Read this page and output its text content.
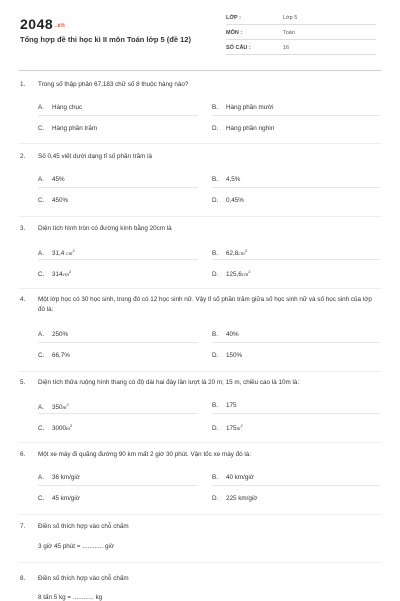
2048 .vn
Tổng hợp đề thi học kì II môn Toán lớp 5 (đề 12)
LỚP :	Lớp 5
MÔN :	Toán
SỐ CÂU :	16
1.	Trong số thập phân 67,183 chữ số 8 thuộc hàng nào?
A. Hàng chục	B. Hàng phần mười
C. Hàng phần trăm	D. Hàng phần nghìn
2.	Số 0,45 viết dưới dạng tỉ số phần trăm là
A. 45%	B. 4,5%
C. 450%	D. 0,45%
3.	Diện tích hình tròn có đường kính bằng 20cm là
A. 31,4 $cm^2$	B. $62,8cm^2$
C. $314cm^2$	D. $125,6cm^2$
4.	Một lớp học có 30 học sinh, trong đó có 12 học sinh nữ. Vậy tỉ số phần trăm giữa số học sinh nữ và số học sinh của lớp đó là:
A. 250%	B. 40%
C. 66,7%	D. 150%
5.	Diện tích thửa ruộng hình thang có độ dài hai đáy lần lượt là 20 m; 15 m, chiều cao là 10m là:
A. $350m^2$	B. 175
C. $3000m^2$	D. $175m^2$
6.	Một xe máy đi quãng đường 90 km mất 2 giờ 30 phút. Vận tốc xe máy đó là:
A. 36 km/giờ	B. 40 km/giờ
C. 45 km/giờ	D. 225 km/giờ
7.	Điền số thích hợp vào chỗ chấm
3 giờ 45 phút = ............ giờ
8.	Điền số thích hợp vào chỗ chấm
8 tấn 5 kg = ............ kg
